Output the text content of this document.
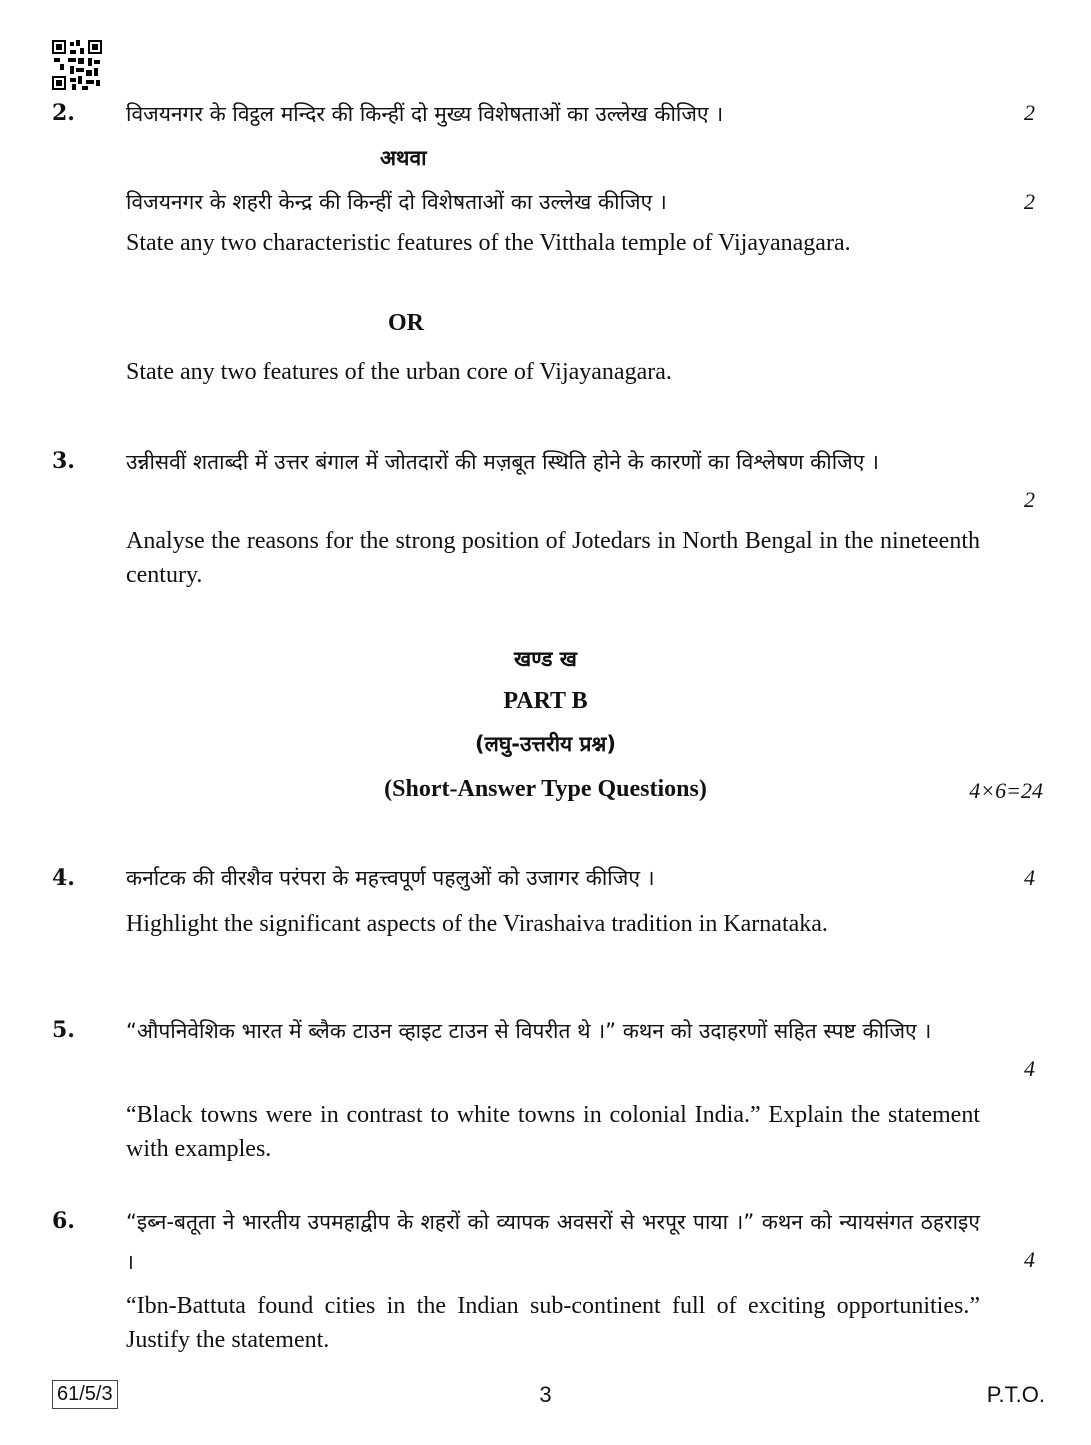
2. विजयनगर के विट्ठल मन्दिर की किन्हीं दो मुख्य विशेषताओं का उल्लेख कीजिए ।	2
अथवा
विजयनगर के शहरी केन्द्र की किन्हीं दो विशेषताओं का उल्लेख कीजिए ।	2
State any two characteristic features of the Vitthala temple of Vijayanagara.
OR
State any two features of the urban core of Vijayanagara.
3. उन्नीसवीं शताब्दी में उत्तर बंगाल में जोतदारों की मज़बूत स्थिति होने के कारणों का विश्लेषण कीजिए ।
2
Analyse the reasons for the strong position of Jotedars in North Bengal in the nineteenth century.
खण्ड ख
PART B
(लघु-उत्तरीय प्रश्न)
(Short-Answer Type Questions)	4×6=24
4. कर्नाटक की वीरशैव परंपरा के महत्त्वपूर्ण पहलुओं को उजागर कीजिए ।	4
Highlight the significant aspects of the Virashaiva tradition in Karnataka.
5. “औपनिवेशिक भारत में ब्लैक टाउन व्हाइट टाउन से विपरीत थे ।” कथन को उदाहरणों सहित स्पष्ट कीजिए ।
4
“Black towns were in contrast to white towns in colonial India.” Explain the statement with examples.
6. “इब्न-बतूता ने भारतीय उपमहाद्वीप के शहरों को व्यापक अवसरों से भरपूर पाया ।” कथन को न्यायसंगत ठहराइए ।	4
“Ibn-Battuta found cities in the Indian sub-continent full of exciting opportunities.” Justify the statement.
61/5/3	3	P.T.O.
